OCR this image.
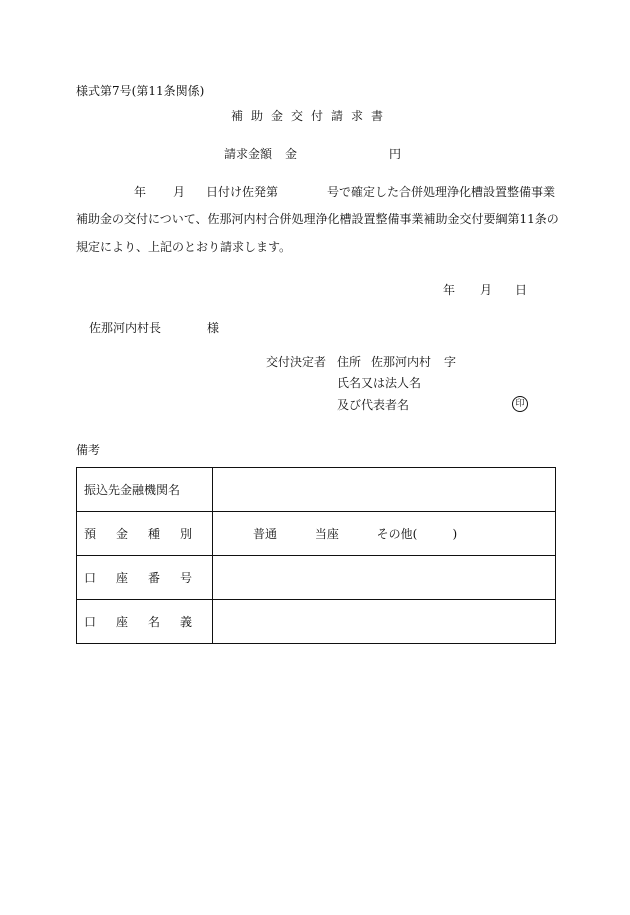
様式第7号(第11条関係)
補助金交付請求書
請求金額 金	円
年 月 日付け佐発第	号で確定した合併処理浄化槽設置整備事業
補助金の交付について、佐那河内村合併処理浄化槽設置整備事業補助金交付要綱第11条の
規定により、上記のとおり請求します。
年 月 日
佐那河内村長	様
交付決定者 住所 佐那河内村 字
氏名又は法人名
及び代表者名	印
備考
振込先金融機関名	
預金種別	普通 当座 その他( )
口座番号	
口座名義	
